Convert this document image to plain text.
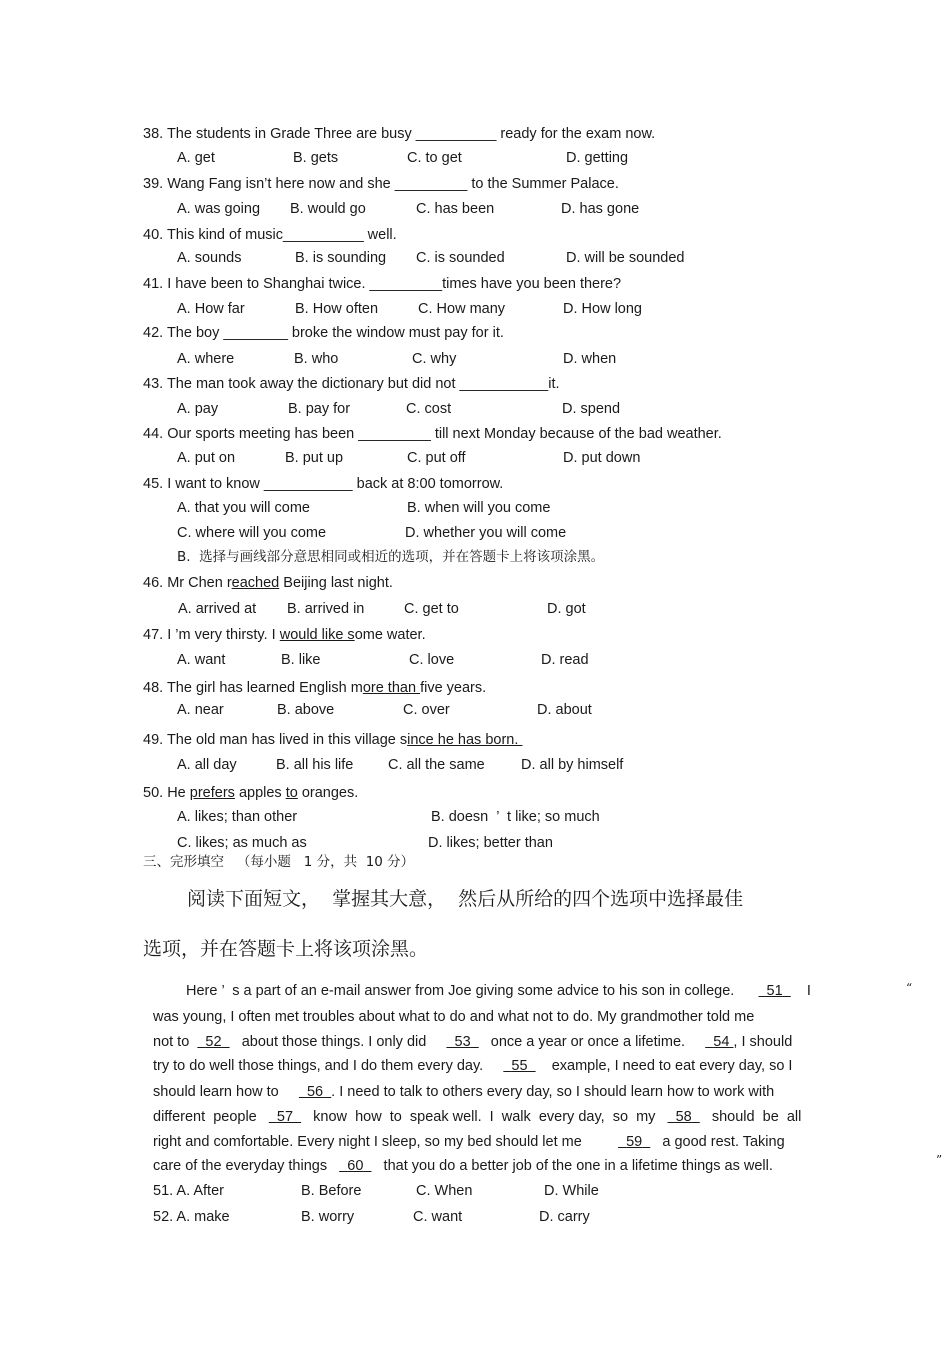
38. The students in Grade Three are busy __________ ready for the exam now.
A. get	B. gets	C. to get	D. getting
39. Wang Fang isn’t here now and she _________ to the Summer Palace.
A. was going B. would go	C. has been	D. has gone
40. This kind of music__________ well.
A. sounds	B. is sounding C. is sounded	D. will be sounded
41. I have been to Shanghai twice. _________times have you been there?
A. How far	B. How often	C. How many	D. How long
42. The boy ________ broke the window must pay for it.
A. where	B. who	C. why	D. when
43. The man took away the dictionary but did not ___________it.
A. pay	B. pay for	C. cost	D. spend
44. Our sports meeting has been _________ till next Monday because of the bad weather.
A. put on	B. put up	C. put off	D. put down
45. I want to know ___________ back at 8:00 tomorrow.
A. that you will come	B. when will you come
C. where will you come	D. whether you will come
B.  选择与画线部分意思相同或相近的选项，并在答题卡上将该项涂黑。
46. Mr Chen reached Beijing last night.
A. arrived at B. arrived in	C. get to	D. got
47. I ’m very thirsty. I would like some water.
A. want	B. like	C. love	D. read
48. The girl has learned English more than five years.
A. near	B. above	C. over	D. about
49. The old man has lived in this village since he has born.
A. all day	B. all his life C. all the same	D. all by himself
50. He prefers apples to oranges.
A. likes; than other	B. doesn  ’  t like; so much
C. likes; as much as	D. likes; better than
三、完形填空   （每小题   1 分，共  10 分）
阅读下面短文，  掌握其大意，  然后从所给的四个选项中选择最佳
选项，并在答题卡上将该项涂黑。
Here ’  s a part of an e-mail answer from Joe giving some advice to his son in college.        51      I	“
was young, I often met troubles about what to do and what not to do. My grandmother told me
not to    52     about those things. I only did       53     once a year or once a lifetime.       54 , I should
try to do well those things, and I do them every day.       55      example, I need to eat every day, so I
should learn how to       56 . I need to talk to others every day, so I should learn how to work with
different  people     57     know  how  to  speak well.  I  walk  every day,  so  my     58     should  be  all
right and comfortable. Every night I sleep, so my bed should let me           59     a good rest. Taking
care of the everyday things     60     that you do a better job of the one in a lifetime things as well.	”
51. A. After	B. Before	C. When	D. While
52. A. make	B. worry	C. want	D. carry
